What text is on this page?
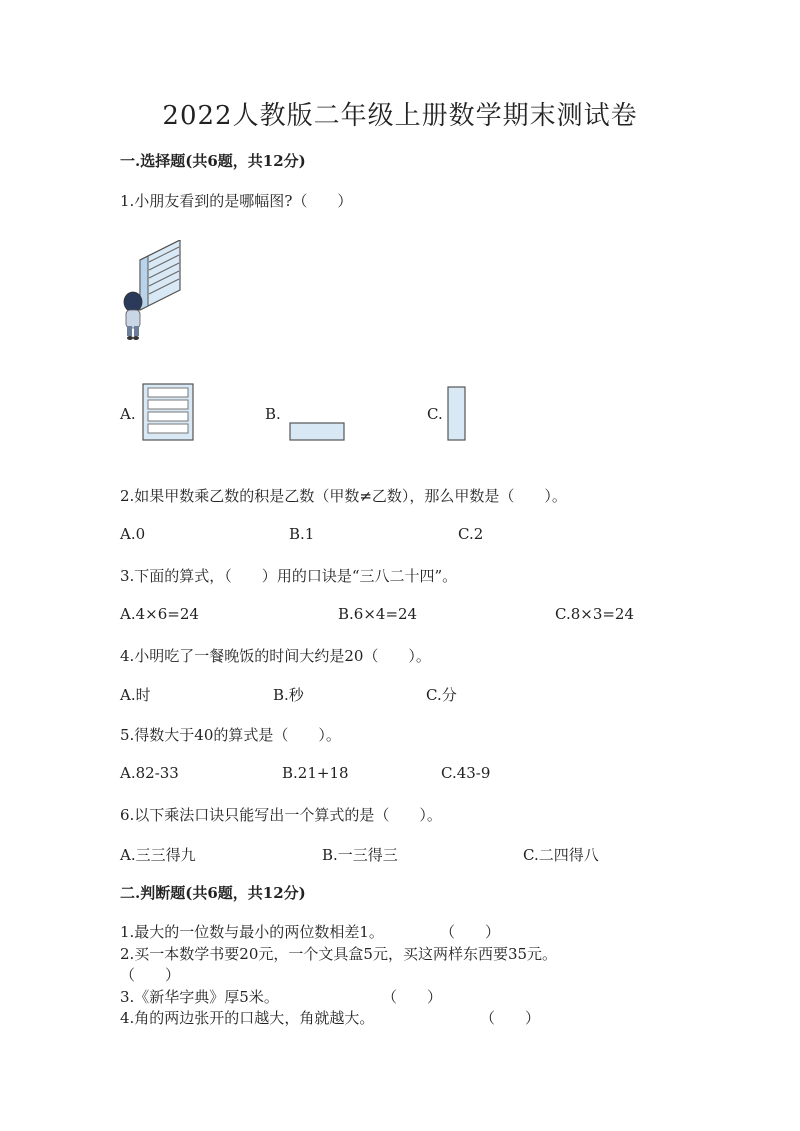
2022人教版二年级上册数学期末测试卷
一.选择题(共6题，共12分)
1.小朋友看到的是哪幅图?（　　）
A.	B.	C.
2.如果甲数乘乙数的积是乙数（甲数≠乙数），那么甲数是（　　）。
A.0	B.1	C.2
3.下面的算式，（　　）用的口诀是“三八二十四”。
A.4×6=24	B.6×4=24	C.8×3=24
4.小明吃了一餐晚饭的时间大约是20（　　）。
A.时	B.秒	C.分
5.得数大于40的算式是（　　）。
A.82-33	B.21+18	C.43-9
6.以下乘法口诀只能写出一个算式的是（　　）。
A.三三得九	B.一三得三	C.二四得八
二.判断题(共6题，共12分)
1.最大的一位数与最小的两位数相差1。	（　　）
2.买一本数学书要20元，一个文具盒5元，买这两样东西要35元。
（　　）
3.《新华字典》厚5米。	（　　）
4.角的两边张开的口越大，角就越大。	（　　）
